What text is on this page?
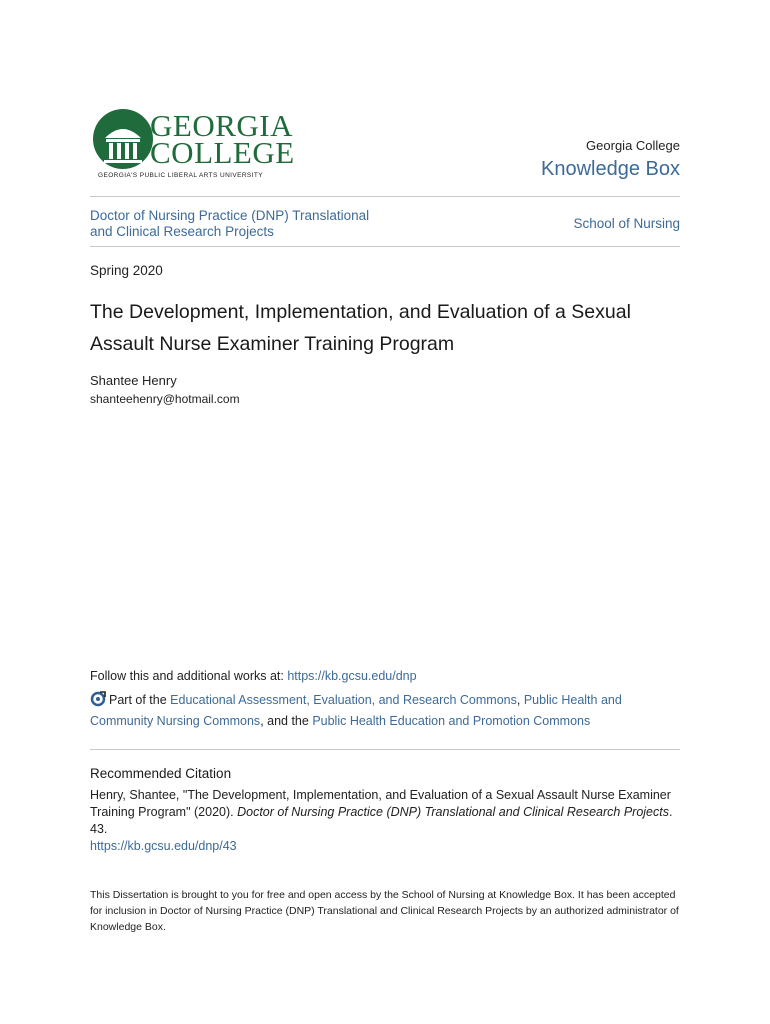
GEORGIA
COLLEGE
GEORGIA'S PUBLIC LIBERAL ARTS UNIVERSITY
Georgia College
Knowledge Box
Doctor of Nursing Practice (DNP) Translational and Clinical Research Projects
School of Nursing
Spring 2020
The Development, Implementation, and Evaluation of a Sexual Assault Nurse Examiner Training Program
Shantee Henry
shanteehenry@hotmail.com
Follow this and additional works at: https://kb.gcsu.edu/dnp
Part of the Educational Assessment, Evaluation, and Research Commons, Public Health and Community Nursing Commons, and the Public Health Education and Promotion Commons
Recommended Citation
Henry, Shantee, "The Development, Implementation, and Evaluation of a Sexual Assault Nurse Examiner Training Program" (2020). Doctor of Nursing Practice (DNP) Translational and Clinical Research Projects. 43.
https://kb.gcsu.edu/dnp/43
This Dissertation is brought to you for free and open access by the School of Nursing at Knowledge Box. It has been accepted for inclusion in Doctor of Nursing Practice (DNP) Translational and Clinical Research Projects by an authorized administrator of Knowledge Box.
